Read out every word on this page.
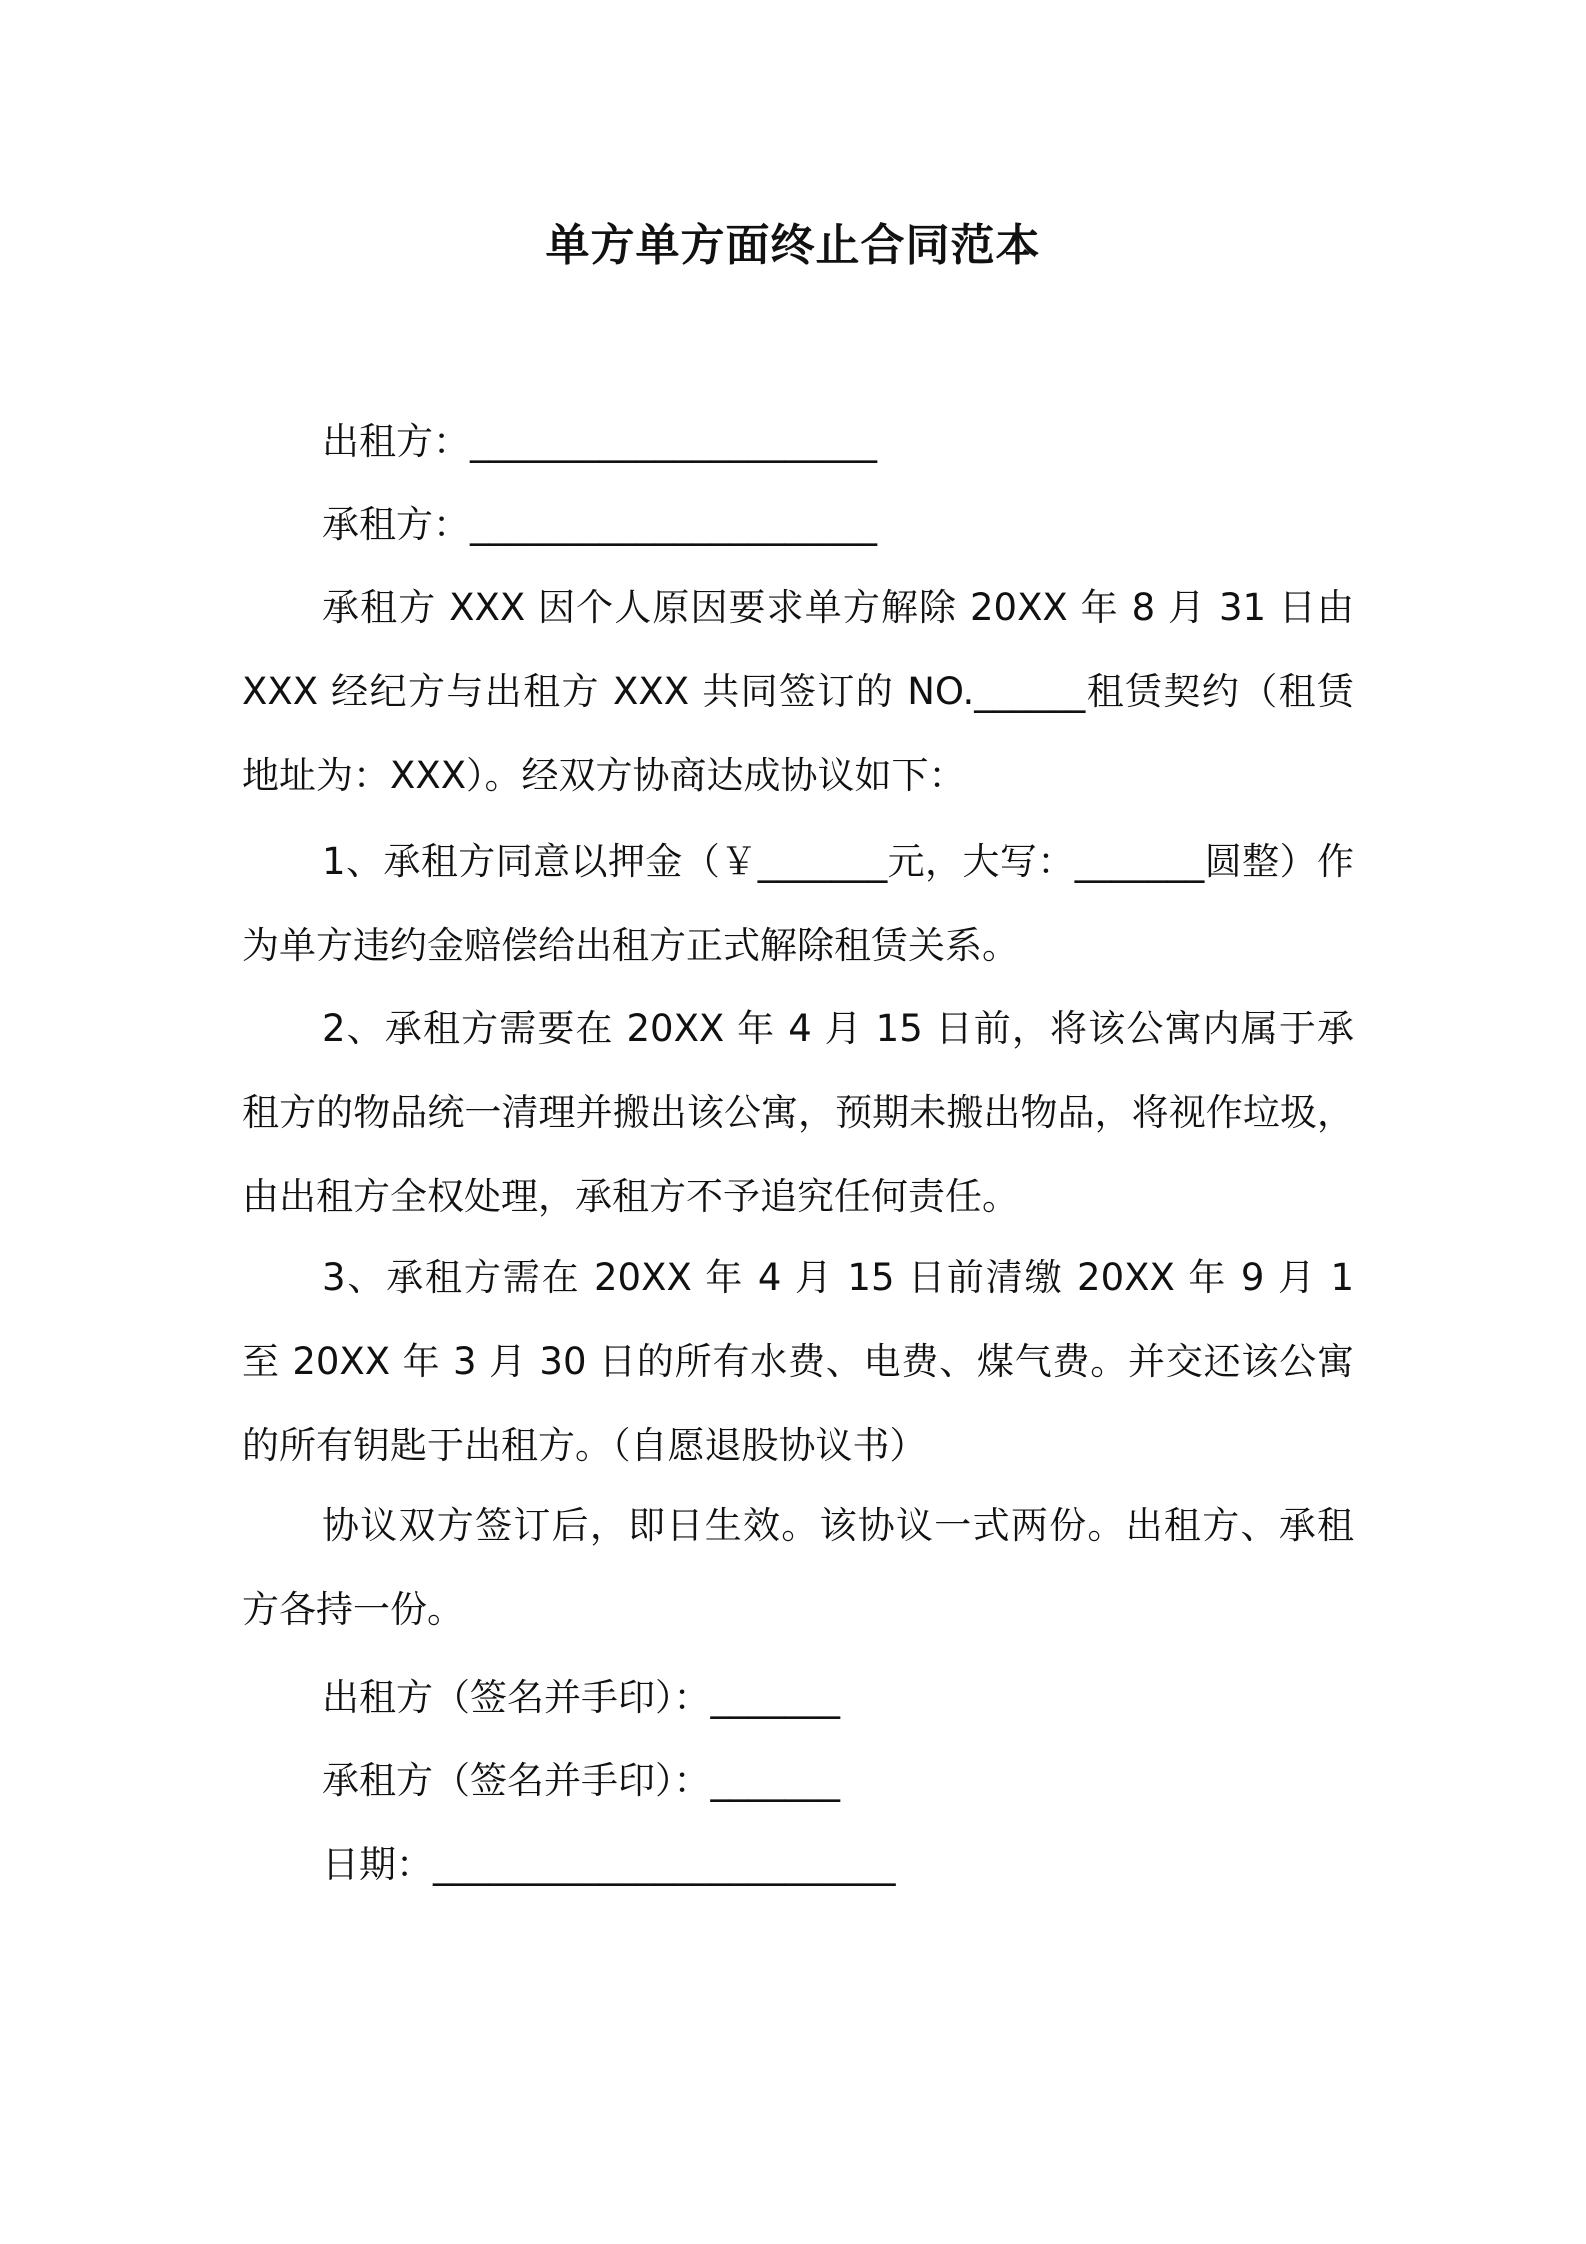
单方单方面终止合同范本
出租方：______________________
承租方：______________________
承租方 XXX 因个人原因要求单方解除 20XX 年 8 月 31 日由 XXX 经纪方与出租方 XXX 共同签订的 NO.______租赁契约（租赁地址为：XXX）。经双方协商达成协议如下：
1、承租方同意以押金（￥_______元，大写：_______圆整）作为单方违约金赔偿给出租方正式解除租赁关系。
2、承租方需要在 20XX 年 4 月 15 日前，将该公寓内属于承租方的物品统一清理并搬出该公寓，预期未搬出物品，将视作垃圾，由出租方全权处理，承租方不予追究任何责任。
3、承租方需在 20XX 年 4 月 15 日前清缴 20XX 年 9 月 1 至 20XX 年 3 月 30 日的所有水费、电费、煤气费。并交还该公寓的所有钥匙于出租方。（自愿退股协议书）
协议双方签订后，即日生效。该协议一式两份。出租方、承租方各持一份。
出租方（签名并手印）：_______
承租方（签名并手印）：_______
日期：_________________________
